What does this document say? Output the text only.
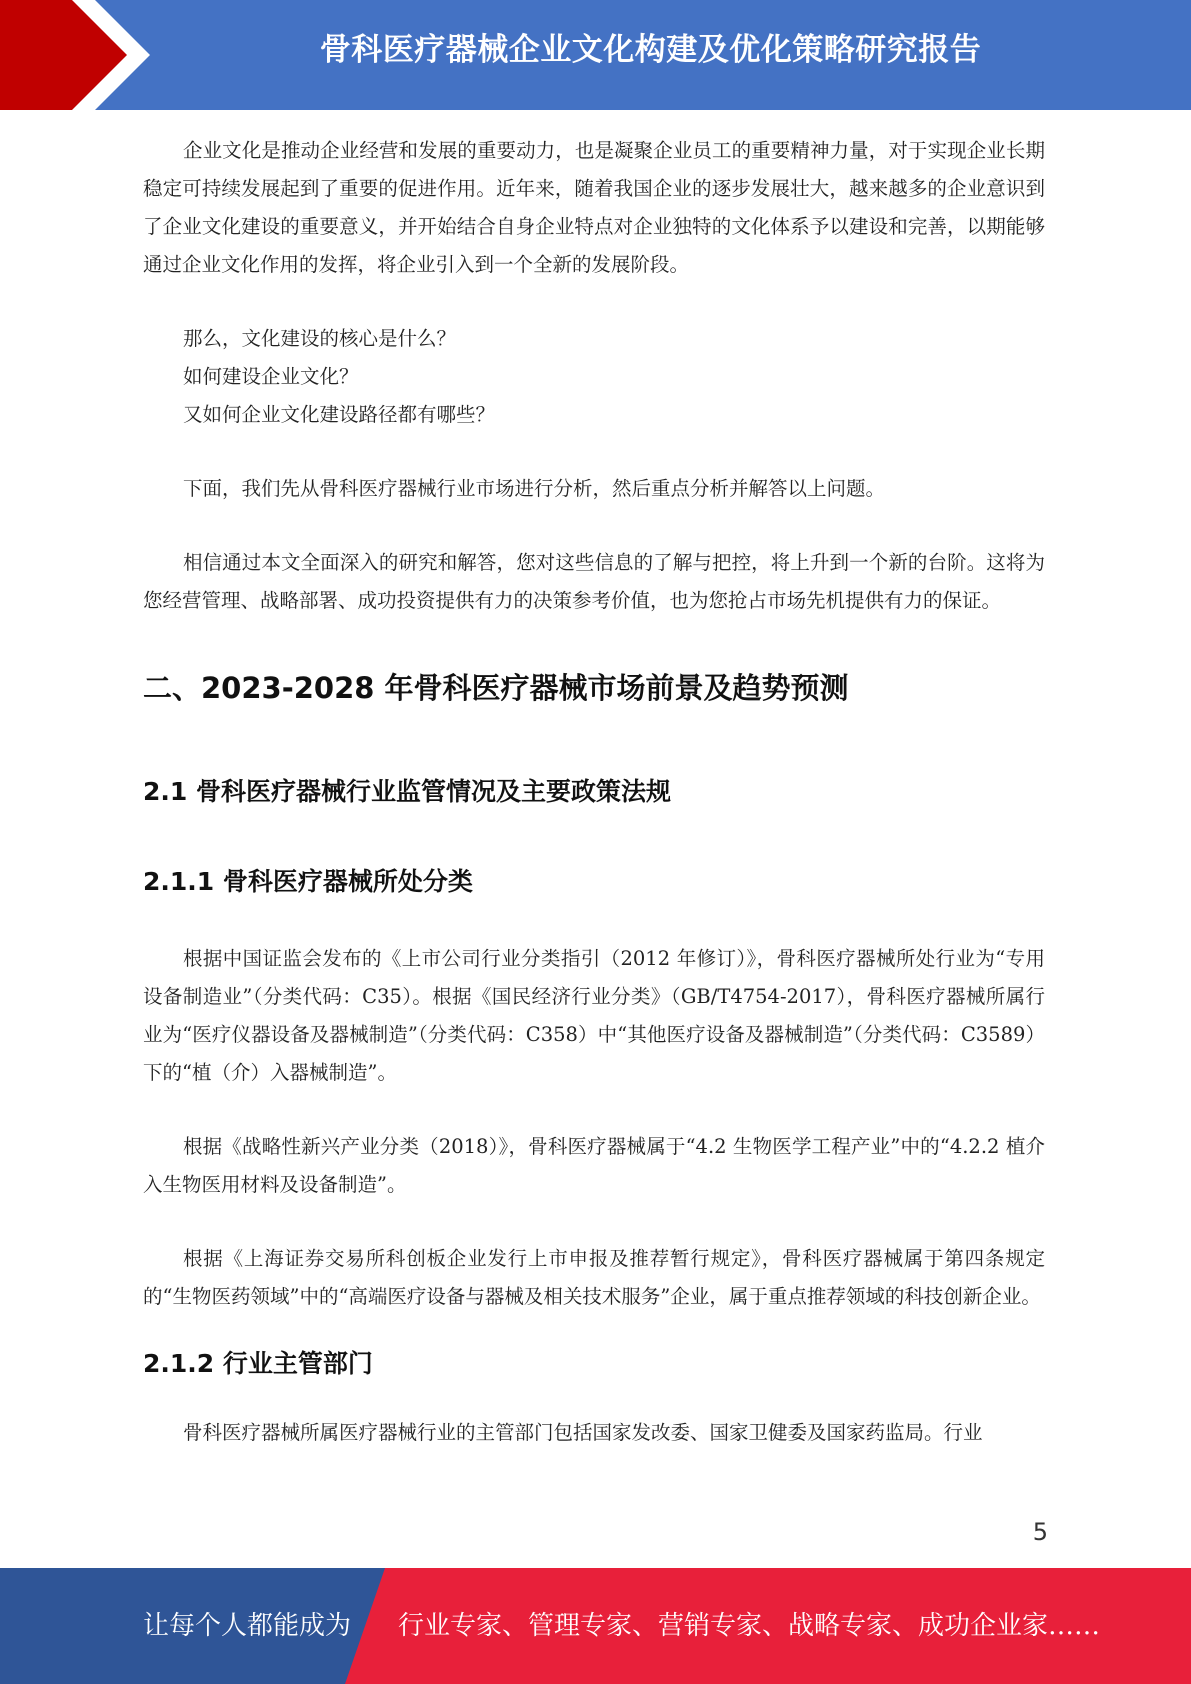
骨科医疗器械企业文化构建及优化策略研究报告

企业文化是推动企业经营和发展的重要动力，也是凝聚企业员工的重要精神力量，对于实现企业长期稳定可持续发展起到了重要的促进作用。近年来，随着我国企业的逐步发展壮大，越来越多的企业意识到了企业文化建设的重要意义，并开始结合自身企业特点对企业独特的文化体系予以建设和完善，以期能够通过企业文化作用的发挥，将企业引入到一个全新的发展阶段。

那么，文化建设的核心是什么？

如何建设企业文化？

又如何企业文化建设路径都有哪些？

下面，我们先从骨科医疗器械行业市场进行分析，然后重点分析并解答以上问题。

相信通过本文全面深入的研究和解答，您对这些信息的了解与把控，将上升到一个新的台阶。这将为您经营管理、战略部署、成功投资提供有力的决策参考价值，也为您抢占市场先机提供有力的保证。

二、2023-2028 年骨科医疗器械市场前景及趋势预测
2.1 骨科医疗器械行业监管情况及主要政策法规
2.1.1 骨科医疗器械所处分类

根据中国证监会发布的《上市公司行业分类指引（2012 年修订）》，骨科医疗器械所处行业为“专用设备制造业”（分类代码：C35）。根据《国民经济行业分类》（GB/T4754-2017），骨科医疗器械所属行业为“医疗仪器设备及器械制造”（分类代码：C358）中“其他医疗设备及器械制造”（分类代码：C3589）下的“植（介）入器械制造”。

根据《战略性新兴产业分类（2018）》，骨科医疗器械属于“4.2 生物医学工程产业”中的“4.2.2 植介入生物医用材料及设备制造”。

根据《上海证券交易所科创板企业发行上市申报及推荐暂行规定》，骨科医疗器械属于第四条规定的“生物医药领域”中的“高端医疗设备与器械及相关技术服务”企业，属于重点推荐领域的科技创新企业。

2.1.2 行业主管部门

骨科医疗器械所属医疗器械行业的主管部门包括国家发改委、国家卫健委及国家药监局。行业

5
让每个人都能成为 行业专家、管理专家、营销专家、战略专家、成功企业家……
